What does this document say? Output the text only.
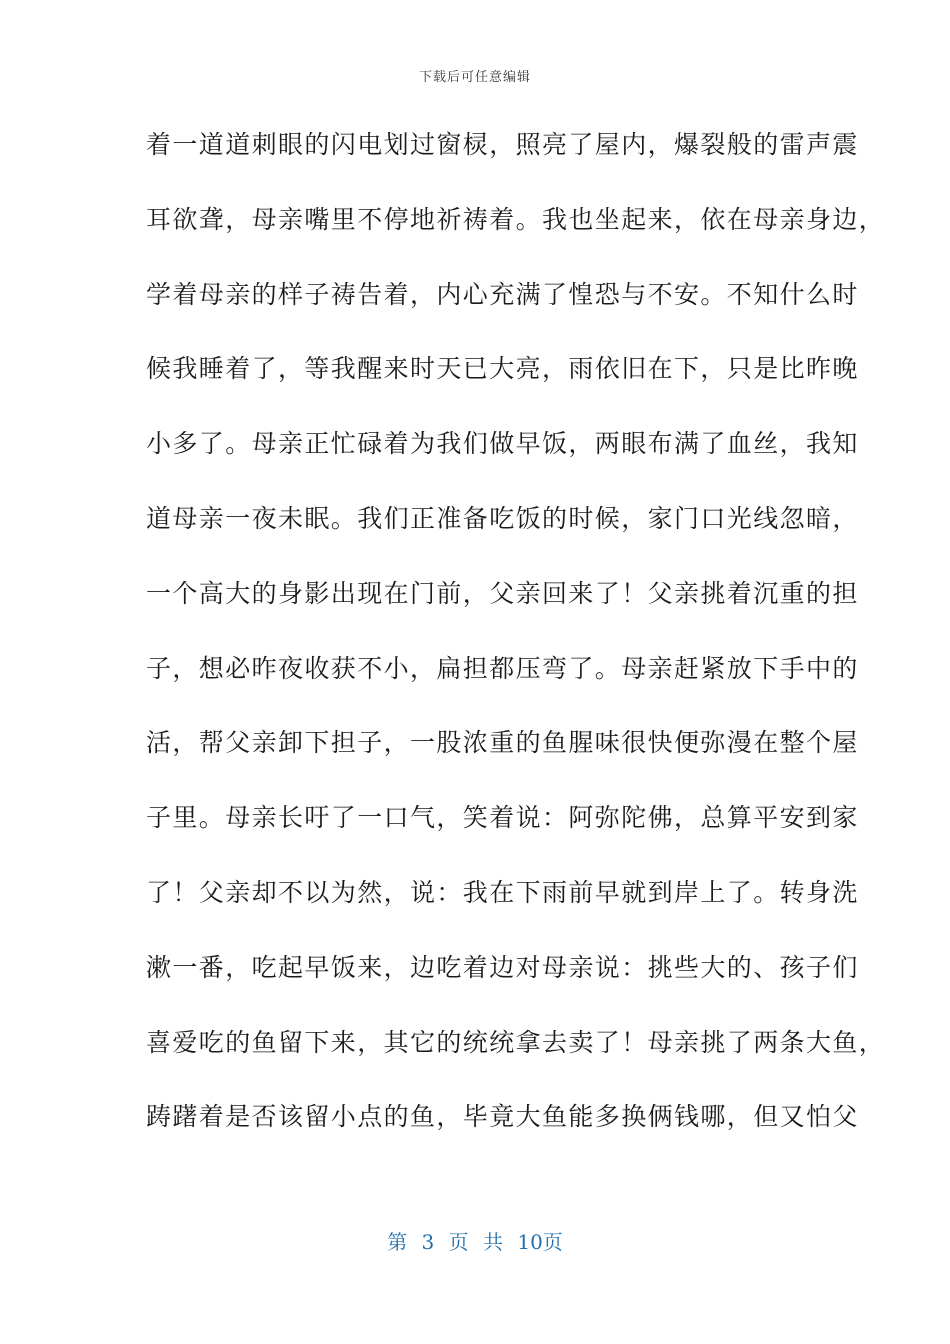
下载后可任意编辑
着一道道刺眼的闪电划过窗棂，照亮了屋内，爆裂般的雷声震
耳欲聋，母亲嘴里不停地祈祷着。我也坐起来，依在母亲身边，
学着母亲的样子祷告着，内心充满了惶恐与不安。不知什么时
候我睡着了，等我醒来时天已大亮，雨依旧在下，只是比昨晚
小多了。母亲正忙碌着为我们做早饭，两眼布满了血丝，我知
道母亲一夜未眠。我们正准备吃饭的时候，家门口光线忽暗，
一个高大的身影出现在门前，父亲回来了！父亲挑着沉重的担
子，想必昨夜收获不小，扁担都压弯了。母亲赶紧放下手中的
活，帮父亲卸下担子，一股浓重的鱼腥味很快便弥漫在整个屋
子里。母亲长吁了一口气，笑着说：阿弥陀佛，总算平安到家
了！父亲却不以为然，说：我在下雨前早就到岸上了。转身洗
漱一番，吃起早饭来，边吃着边对母亲说：挑些大的、孩子们
喜爱吃的鱼留下来，其它的统统拿去卖了！母亲挑了两条大鱼，
踌躇着是否该留小点的鱼，毕竟大鱼能多换俩钱哪，但又怕父
第 3 页 共 10页
